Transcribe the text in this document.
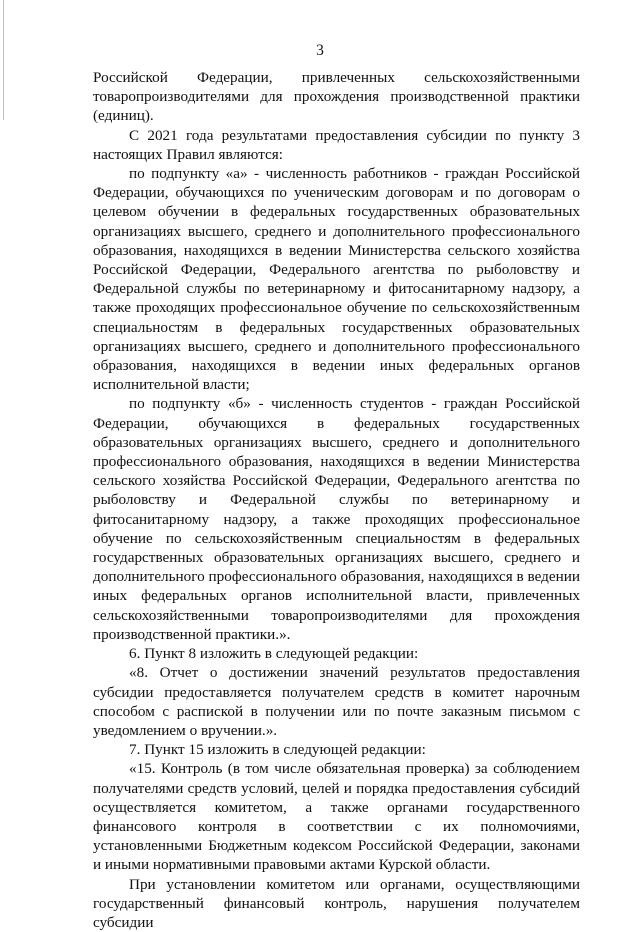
3

Российской Федерации, привлеченных сельскохозяйственными товаропроизводителями для прохождения производственной практики (единиц).

С 2021 года результатами предоставления субсидии по пункту 3 настоящих Правил являются:

по подпункту «а» - численность работников - граждан Российской Федерации, обучающихся по ученическим договорам и по договорам о целевом обучении в федеральных государственных образовательных организациях высшего, среднего и дополнительного профессионального образования, находящихся в ведении Министерства сельского хозяйства Российской Федерации, Федерального агентства по рыболовству и Федеральной службы по ветеринарному и фитосанитарному надзору, а также проходящих профессиональное обучение по сельскохозяйственным специальностям в федеральных государственных образовательных организациях высшего, среднего и дополнительного профессионального образования, находящихся в ведении иных федеральных органов исполнительной власти;

по подпункту «б» - численность студентов - граждан Российской Федерации, обучающихся в федеральных государственных образовательных организациях высшего, среднего и дополнительного профессионального образования, находящихся в ведении Министерства сельского хозяйства Российской Федерации, Федерального агентства по рыболовству и Федеральной службы по ветеринарному и фитосанитарному надзору, а также проходящих профессиональное обучение по сельскохозяйственным специальностям в федеральных государственных образовательных организациях высшего, среднего и дополнительного профессионального образования, находящихся в ведении иных федеральных органов исполнительной власти, привлеченных сельскохозяйственными товаропроизводителями для прохождения производственной практики.».

6. Пункт 8 изложить в следующей редакции:

«8. Отчет о достижении значений результатов предоставления субсидии предоставляется получателем средств в комитет нарочным способом с распиской в получении или по почте заказным письмом с уведомлением о вручении.».

7. Пункт 15 изложить в следующей редакции:

«15. Контроль (в том числе обязательная проверка) за соблюдением получателями средств условий, целей и порядка предоставления субсидий осуществляется комитетом, а также органами государственного финансового контроля в соответствии с их полномочиями, установленными Бюджетным кодексом Российской Федерации, законами и иными нормативными правовыми актами Курской области.

При установлении комитетом или органами, осуществляющими государственный финансовый контроль, нарушения получателем субсидии
